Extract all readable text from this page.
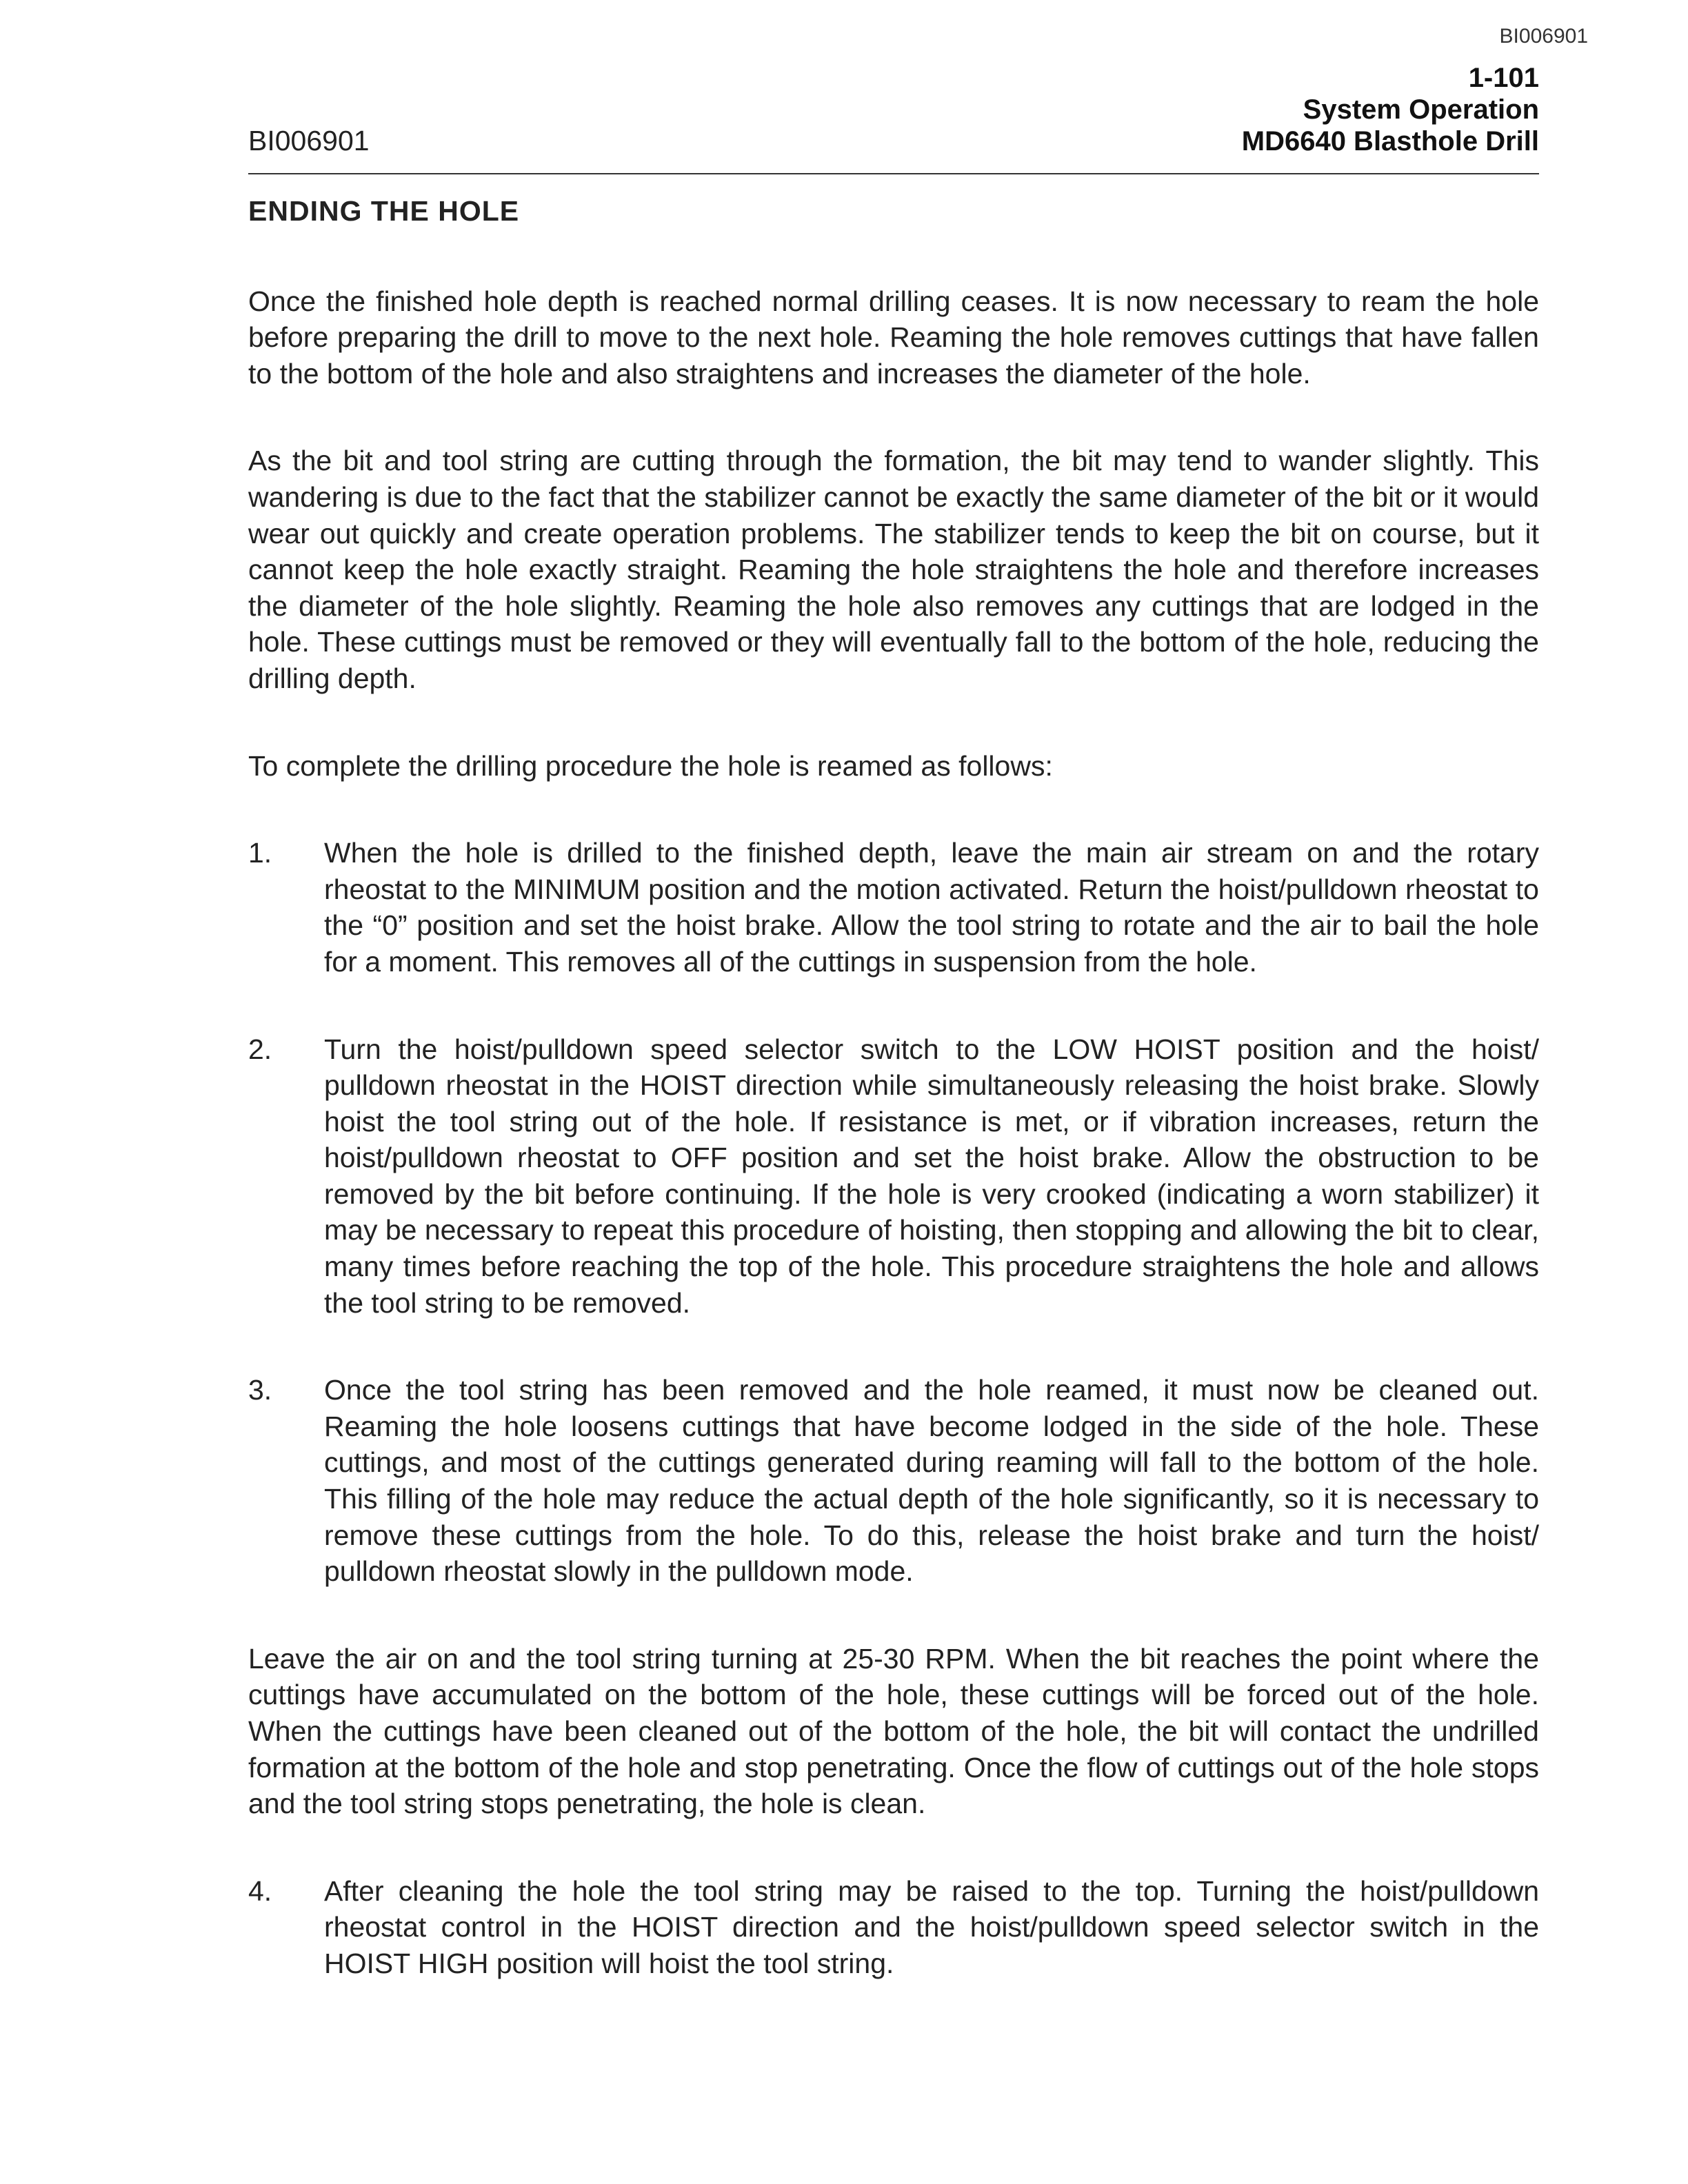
BI006901
BI006901
1-101
System Operation
MD6640 Blasthole Drill
ENDING THE HOLE

Once the finished hole depth is reached normal drilling ceases. It is now necessary to ream the hole before preparing the drill to move to the next hole. Reaming the hole removes cuttings that have fallen to the bottom of the hole and also straightens and increases the diameter of the hole.

As the bit and tool string are cutting through the formation, the bit may tend to wander slightly. This wandering is due to the fact that the stabilizer cannot be exactly the same diameter of the bit or it would wear out quickly and create operation problems. The stabilizer tends to keep the bit on course, but it cannot keep the hole exactly straight. Reaming the hole straightens the hole and therefore increases the diameter of the hole slightly. Reaming the hole also removes any cuttings that are lodged in the hole. These cuttings must be removed or they will eventually fall to the bottom of the hole, reducing the drilling depth.

To complete the drilling procedure the hole is reamed as follows:

1. When the hole is drilled to the finished depth, leave the main air stream on and the rotary rheostat to the MINIMUM position and the motion activated. Return the hoist/pulldown rheostat to the “0” position and set the hoist brake. Allow the tool string to rotate and the air to bail the hole for a moment. This removes all of the cuttings in suspension from the hole.
2. Turn the hoist/pulldown speed selector switch to the LOW HOIST position and the hoist/ pulldown rheostat in the HOIST direction while simultaneously releasing the hoist brake. Slowly hoist the tool string out of the hole. If resistance is met, or if vibration increases, return the hoist/pulldown rheostat to OFF position and set the hoist brake. Allow the obstruction to be removed by the bit before continuing. If the hole is very crooked (indicating a worn stabilizer) it may be necessary to repeat this procedure of hoisting, then stopping and allowing the bit to clear, many times before reaching the top of the hole. This procedure straightens the hole and allows the tool string to be removed.
3. Once the tool string has been removed and the hole reamed, it must now be cleaned out. Reaming the hole loosens cuttings that have become lodged in the side of the hole. These cuttings, and most of the cuttings generated during reaming will fall to the bottom of the hole. This filling of the hole may reduce the actual depth of the hole significantly, so it is necessary to remove these cuttings from the hole. To do this, release the hoist brake and turn the hoist/ pulldown rheostat slowly in the pulldown mode.

Leave the air on and the tool string turning at 25-30 RPM. When the bit reaches the point where the cuttings have accumulated on the bottom of the hole, these cuttings will be forced out of the hole. When the cuttings have been cleaned out of the bottom of the hole, the bit will contact the undrilled formation at the bottom of the hole and stop penetrating. Once the flow of cuttings out of the hole stops and the tool string stops penetrating, the hole is clean.

4. After cleaning the hole the tool string may be raised to the top. Turning the hoist/pulldown rheostat control in the HOIST direction and the hoist/pulldown speed selector switch in the HOIST HIGH position will hoist the tool string.
